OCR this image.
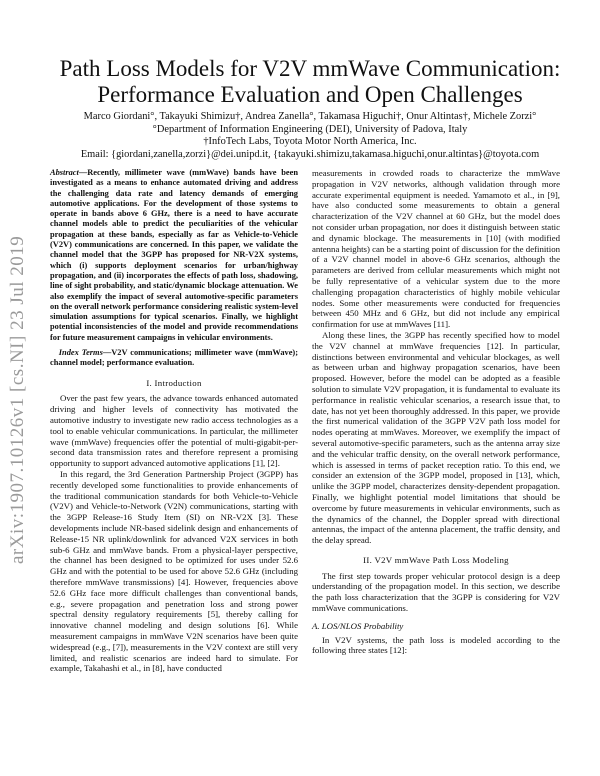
arXiv:1907.10126v1 [cs.NI] 23 Jul 2019
Path Loss Models for V2V mmWave Communication:
Performance Evaluation and Open Challenges
Marco Giordani°, Takayuki Shimizu†, Andrea Zanella°, Takamasa Higuchi†, Onur Altintas†, Michele Zorzi°
°Department of Information Engineering (DEI), University of Padova, Italy
†InfoTech Labs, Toyota Motor North America, Inc.
Email: {giordani,zanella,zorzi}@dei.unipd.it, {takayuki.shimizu,takamasa.higuchi,onur.altintas}@toyota.com
Abstract—Recently, millimeter wave (mmWave) bands have been investigated as a means to enhance automated driving and address the challenging data rate and latency demands of emerging automotive applications. For the development of those systems to operate in bands above 6 GHz, there is a need to have accurate channel models able to predict the peculiarities of the vehicular propagation at these bands, especially as far as Vehicle-to-Vehicle (V2V) communications are concerned. In this paper, we validate the channel model that the 3GPP has proposed for NR-V2X systems, which (i) supports deployment scenarios for urban/highway propagation, and (ii) incorporates the effects of path loss, shadowing, line of sight probability, and static/dynamic blockage attenuation. We also exemplify the impact of several automotive-specific parameters on the overall network performance considering realistic system-level simulation assumptions for typical scenarios. Finally, we highlight potential inconsistencies of the model and provide recommendations for future measurement campaigns in vehicular environments.
Index Terms—V2V communications; millimeter wave (mmWave); channel model; performance evaluation.
I. Introduction

Over the past few years, the advance towards enhanced automated driving and higher levels of connectivity has motivated the automotive industry to investigate new radio access technologies as a tool to enable vehicular communications. In particular, the millimeter wave (mmWave) frequencies offer the potential of multi-gigabit-per-second data transmission rates and therefore represent a promising opportunity to support advanced automotive applications [1], [2].

In this regard, the 3rd Generation Partnership Project (3GPP) has recently developed some functionalities to provide enhancements of the traditional communication standards for both Vehicle-to-Vehicle (V2V) and Vehicle-to-Network (V2N) communications, starting with the 3GPP Release-16 Study Item (SI) on NR-V2X [3]. These developments include NR-based sidelink design and enhancements of Release-15 NR uplink/downlink for advanced V2X services in both sub-6 GHz and mmWave bands. From a physical-layer perspective, the channel has been designed to be optimized for uses under 52.6 GHz and with the potential to be used for above 52.6 GHz (including therefore mmWave transmissions) [4]. However, frequencies above 52.6 GHz face more difficult challenges than conventional bands, e.g., severe propagation and penetration loss and strong power spectral density regulatory requirements [5], thereby calling for innovative channel modeling and design solutions [6]. While measurement campaigns in mmWave V2N scenarios have been quite widespread (e.g., [7]), measurements in the V2V context are still very limited, and realistic scenarios are indeed hard to simulate. For example, Takahashi et al., in [8], have conducted

measurements in crowded roads to characterize the mmWave propagation in V2V networks, although validation through more accurate experimental equipment is needed. Yamamoto et al., in [9], have also conducted some measurements to obtain a general characterization of the V2V channel at 60 GHz, but the model does not consider urban propagation, nor does it distinguish between static and dynamic blockage. The measurements in [10] (with modified antenna heights) can be a starting point of discussion for the definition of a V2V channel model in above-6 GHz scenarios, although the parameters are derived from cellular measurements which might not be fully representative of a vehicular system due to the more challenging propagation characteristics of highly mobile vehicular nodes. Some other measurements were conducted for frequencies between 450 MHz and 6 GHz, but did not include any empirical confirmation for use at mmWaves [11].

Along these lines, the 3GPP has recently specified how to model the V2V channel at mmWave frequencies [12]. In particular, distinctions between environmental and vehicular blockages, as well as between urban and highway propagation scenarios, have been proposed. However, before the model can be adopted as a feasible solution to simulate V2V propagation, it is fundamental to evaluate its performance in realistic vehicular scenarios, a research issue that, to date, has not yet been thoroughly addressed. In this paper, we provide the first numerical validation of the 3GPP V2V path loss model for nodes operating at mmWaves. Moreover, we exemplify the impact of several automotive-specific parameters, such as the antenna array size and the vehicular traffic density, on the overall network performance, which is assessed in terms of packet reception ratio. To this end, we consider an extension of the 3GPP model, proposed in [13], which, unlike the 3GPP model, characterizes density-dependent propagation. Finally, we highlight potential model limitations that should be overcome by future measurements in vehicular environments, such as the dynamics of the channel, the Doppler spread with directional antennas, the impact of the antenna placement, the traffic density, and the delay spread.

II. V2V mmWave Path Loss Modeling

The first step towards proper vehicular protocol design is a deep understanding of the propagation model. In this section, we describe the path loss characterization that the 3GPP is considering for V2V mmWave communications.

A. LOS/NLOS Probability

In V2V systems, the path loss is modeled according to the following three states [12]:
